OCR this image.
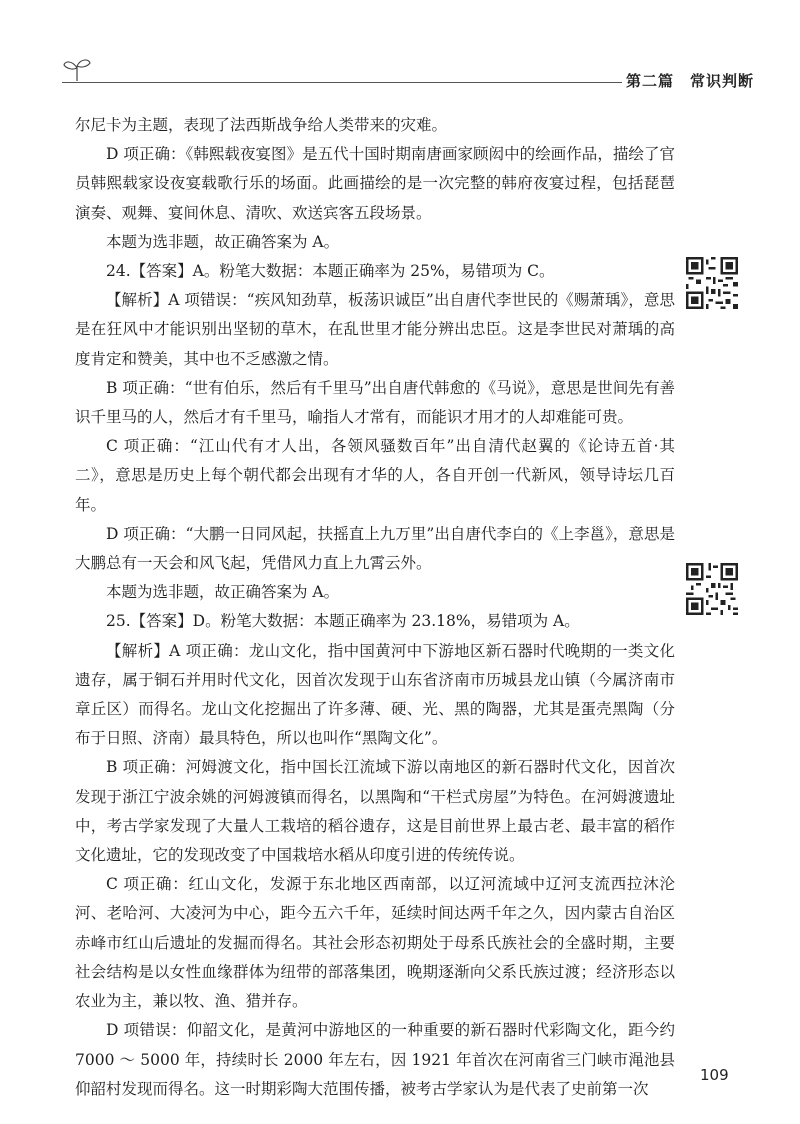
第二篇　常识判断

尔尼卡为主题，表现了法西斯战争给人类带来的灾难。

D 项正确：《韩熙载夜宴图》是五代十国时期南唐画家顾闳中的绘画作品，描绘了官员韩熙载家设夜宴载歌行乐的场面。此画描绘的是一次完整的韩府夜宴过程，包括琵琶演奏、观舞、宴间休息、清吹、欢送宾客五段场景。

本题为选非题，故正确答案为 A。

24.【答案】A。粉笔大数据：本题正确率为 25%，易错项为 C。

【解析】A 项错误：“疾风知劲草，板荡识诚臣”出自唐代李世民的《赐萧瑀》，意思是在狂风中才能识别出坚韧的草木，在乱世里才能分辨出忠臣。这是李世民对萧瑀的高度肯定和赞美，其中也不乏感激之情。

B 项正确：“世有伯乐，然后有千里马”出自唐代韩愈的《马说》，意思是世间先有善识千里马的人，然后才有千里马，喻指人才常有，而能识才用才的人却难能可贵。

C 项正确：“江山代有才人出，各领风骚数百年”出自清代赵翼的《论诗五首·其二》，意思是历史上每个朝代都会出现有才华的人，各自开创一代新风，领导诗坛几百年。

D 项正确：“大鹏一日同风起，扶摇直上九万里”出自唐代李白的《上李邕》，意思是大鹏总有一天会和风飞起，凭借风力直上九霄云外。

本题为选非题，故正确答案为 A。

25.【答案】D。粉笔大数据：本题正确率为 23.18%，易错项为 A。

【解析】A 项正确：龙山文化，指中国黄河中下游地区新石器时代晚期的一类文化遗存，属于铜石并用时代文化，因首次发现于山东省济南市历城县龙山镇（今属济南市章丘区）而得名。龙山文化挖掘出了许多薄、硬、光、黑的陶器，尤其是蛋壳黑陶（分布于日照、济南）最具特色，所以也叫作“黑陶文化”。

B 项正确：河姆渡文化，指中国长江流域下游以南地区的新石器时代文化，因首次发现于浙江宁波余姚的河姆渡镇而得名，以黑陶和“干栏式房屋”为特色。在河姆渡遗址中，考古学家发现了大量人工栽培的稻谷遗存，这是目前世界上最古老、最丰富的稻作文化遗址，它的发现改变了中国栽培水稻从印度引进的传统传说。

C 项正确：红山文化，发源于东北地区西南部，以辽河流域中辽河支流西拉沐沦河、老哈河、大凌河为中心，距今五六千年，延续时间达两千年之久，因内蒙古自治区赤峰市红山后遗址的发掘而得名。其社会形态初期处于母系氏族社会的全盛时期，主要社会结构是以女性血缘群体为纽带的部落集团，晚期逐渐向父系氏族过渡；经济形态以农业为主，兼以牧、渔、猎并存。

D 项错误：仰韶文化，是黄河中游地区的一种重要的新石器时代彩陶文化，距今约 7000 ～ 5000 年，持续时长 2000 年左右，因 1921 年首次在河南省三门峡市渑池县仰韶村发现而得名。这一时期彩陶大范围传播，被考古学家认为是代表了史前第一次

109
